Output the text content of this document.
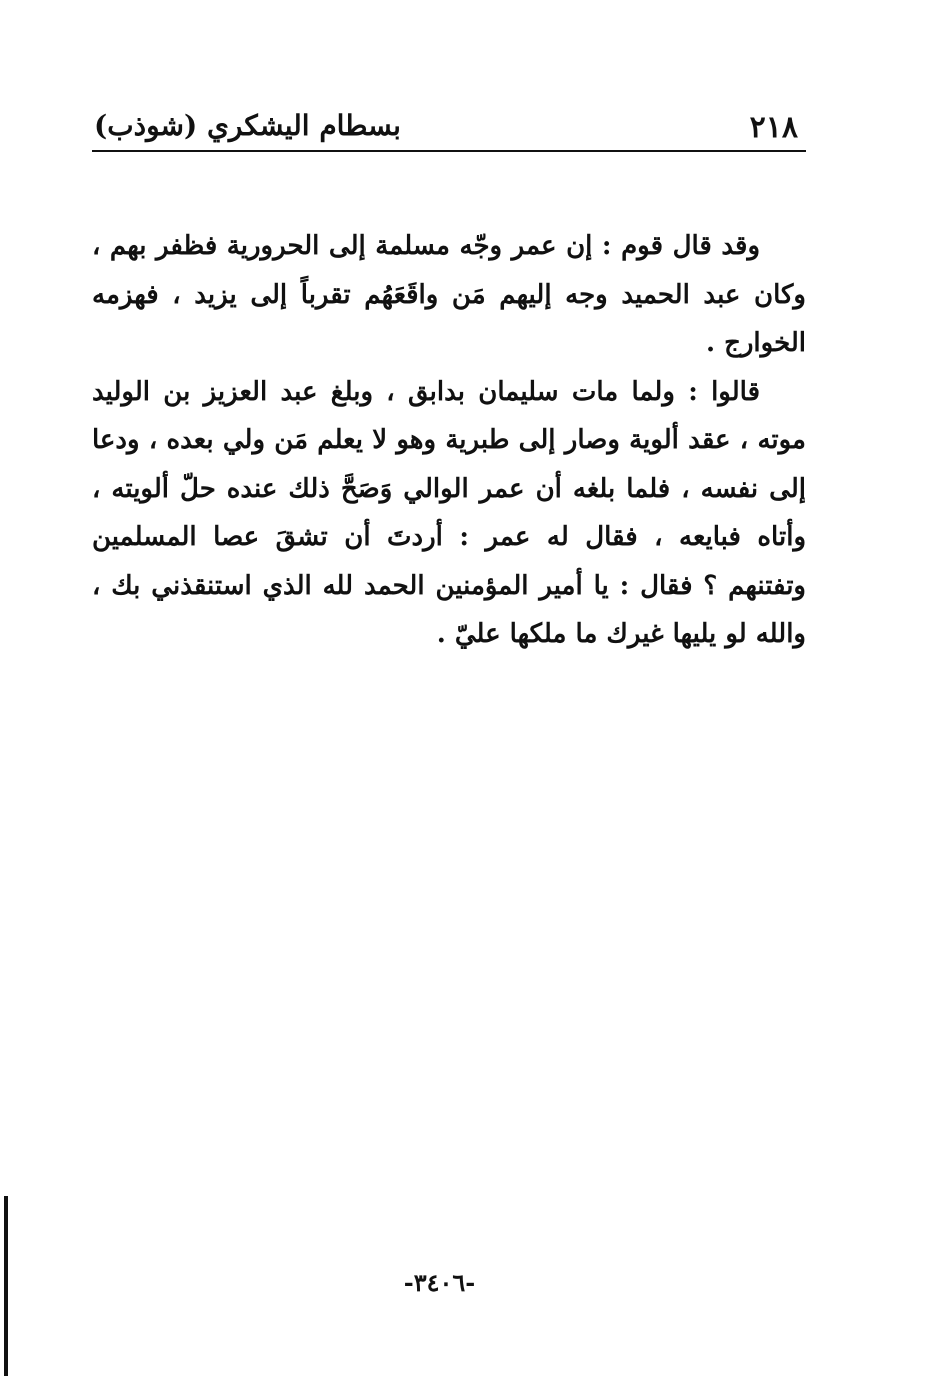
٢١٨
بسطام اليشكري (شوذب)

وقد قال قوم : إن عمر وجّه مسلمة إلى الحرورية فظفر بهم ، وكان عبد الحميد وجه إليهم مَن واقَعَهُم تقرباً إلى يزيد ، فهزمه الخوارج .

قالوا : ولما مات سليمان بدابق ، وبلغ عبد العزيز بن الوليد موته ، عقد ألوية وصار إلى طبرية وهو لا يعلم مَن ولي بعده ، ودعا إلى نفسه ، فلما بلغه أن عمر الوالي وَصَحَّ ذلك عنده حلّ ألويته ، وأتاه فبايعه ، فقال له عمر : أردتَ أن تشقَ عصا المسلمين وتفتنهم ؟ فقال : يا أمير المؤمنين الحمد لله الذي استنقذني بك ، والله لو يليها غيرك ما ملكها عليّ .

-٣٤٠٦-
